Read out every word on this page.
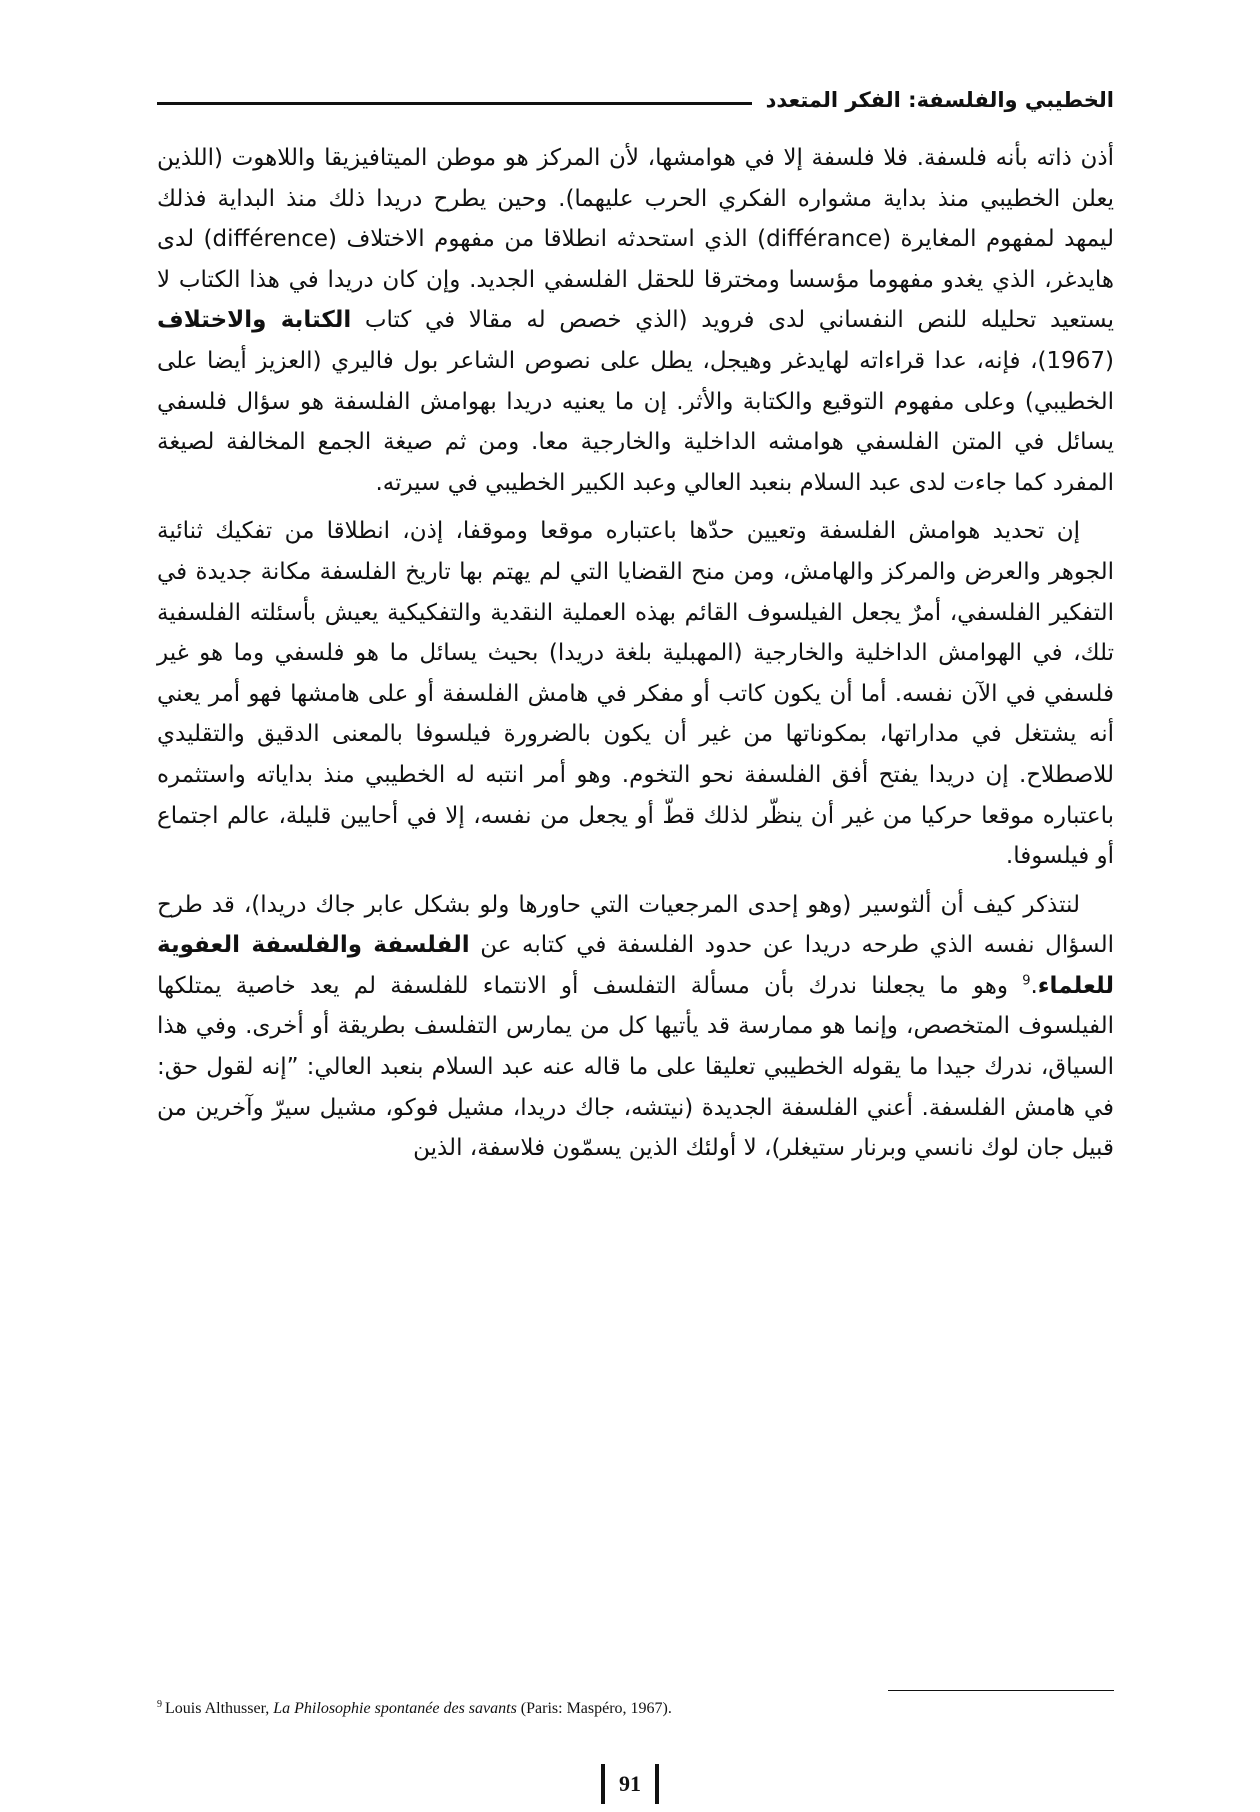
الخطيبي والفلسفة: الفكر المتعدد

أذن ذاته بأنه فلسفة. فلا فلسفة إلا في هوامشها، لأن المركز هو موطن الميتافيزيقا واللاهوت (اللذين يعلن الخطيبي منذ بداية مشواره الفكري الحرب عليهما). وحين يطرح دريدا ذلك منذ البداية فذلك ليمهد لمفهوم المغايرة (différance) الذي استحدثه انطلاقا من مفهوم الاختلاف (différence) لدى هايدغر، الذي يغدو مفهوما مؤسسا ومخترقا للحقل الفلسفي الجديد. وإن كان دريدا في هذا الكتاب لا يستعيد تحليله للنص النفساني لدى فرويد (الذي خصص له مقالا في كتاب الكتابة والاختلاف (1967)، فإنه، عدا قراءاته لهايدغر وهيجل، يطل على نصوص الشاعر بول فاليري (العزيز أيضا على الخطيبي) وعلى مفهوم التوقيع والكتابة والأثر. إن ما يعنيه دريدا بهوامش الفلسفة هو سؤال فلسفي يسائل في المتن الفلسفي هوامشه الداخلية والخارجية معا. ومن ثم صيغة الجمع المخالفة لصيغة المفرد كما جاءت لدى عبد السلام بنعبد العالي وعبد الكبير الخطيبي في سيرته.

إن تحديد هوامش الفلسفة وتعيين حدّها باعتباره موقعا وموقفا، إذن، انطلاقا من تفكيك ثنائية الجوهر والعرض والمركز والهامش، ومن منح القضايا التي لم يهتم بها تاريخ الفلسفة مكانة جديدة في التفكير الفلسفي، أمرٌ يجعل الفيلسوف القائم بهذه العملية النقدية والتفكيكية يعيش بأسئلته الفلسفية تلك، في الهوامش الداخلية والخارجية (المهبلية بلغة دريدا) بحيث يسائل ما هو فلسفي وما هو غير فلسفي في الآن نفسه. أما أن يكون كاتب أو مفكر في هامش الفلسفة أو على هامشها فهو أمر يعني أنه يشتغل في مداراتها، بمكوناتها من غير أن يكون بالضرورة فيلسوفا بالمعنى الدقيق والتقليدي للاصطلاح. إن دريدا يفتح أفق الفلسفة نحو التخوم. وهو أمر انتبه له الخطيبي منذ بداياته واستثمره باعتباره موقعا حركيا من غير أن ينظّر لذلك قطّ أو يجعل من نفسه، إلا في أحايين قليلة، عالم اجتماع أو فيلسوفا.

لنتذكر كيف أن ألثوسير (وهو إحدى المرجعيات التي حاورها ولو بشكل عابر جاك دريدا)، قد طرح السؤال نفسه الذي طرحه دريدا عن حدود الفلسفة في كتابه عن الفلسفة والفلسفة العفوية للعلماء.$^9$ وهو ما يجعلنا ندرك بأن مسألة التفلسف أو الانتماء للفلسفة لم يعد خاصية يمتلكها الفيلسوف المتخصص، وإنما هو ممارسة قد يأتيها كل من يمارس التفلسف بطريقة أو أخرى. وفي هذا السياق، ندرك جيدا ما يقوله الخطيبي تعليقا على ما قاله عنه عبد السلام بنعبد العالي: ”إنه لقول حق: في هامش الفلسفة. أعني الفلسفة الجديدة (نيتشه، جاك دريدا، مشيل فوكو، مشيل سيرّ وآخرين من قبيل جان لوك نانسي وبرنار ستيغلر)، لا أولئك الذين يسمّون فلاسفة، الذين

$^9$ Louis Althusser, La Philosophie spontanée des savants (Paris: Maspéro, 1967).
91
